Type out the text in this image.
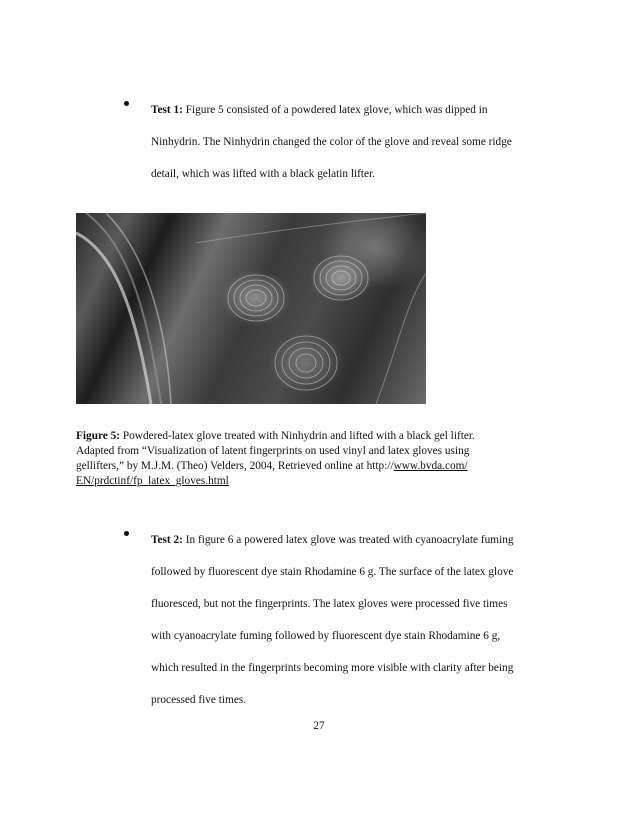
Test 1: Figure 5 consisted of a powdered latex glove, which was dipped in
Ninhydrin. The Ninhydrin changed the color of the glove and reveal some ridge
detail, which was lifted with a black gelatin lifter.
Figure 5: Powdered-latex glove treated with Ninhydrin and lifted with a black gel lifter.
Adapted from “Visualization of latent fingerprints on used vinyl and latex gloves using
gellifters,” by M.J.M. (Theo) Velders, 2004, Retrieved online at http://www.bvda.com/
EN/prdctinf/fp_latex_gloves.html
Test 2: In figure 6 a powered latex glove was treated with cyanoacrylate fuming
followed by fluorescent dye stain Rhodamine 6 g. The surface of the latex glove
fluoresced, but not the fingerprints. The latex gloves were processed five times
with cyanoacrylate fuming followed by fluorescent dye stain Rhodamine 6 g,
which resulted in the fingerprints becoming more visible with clarity after being
processed five times.
27
